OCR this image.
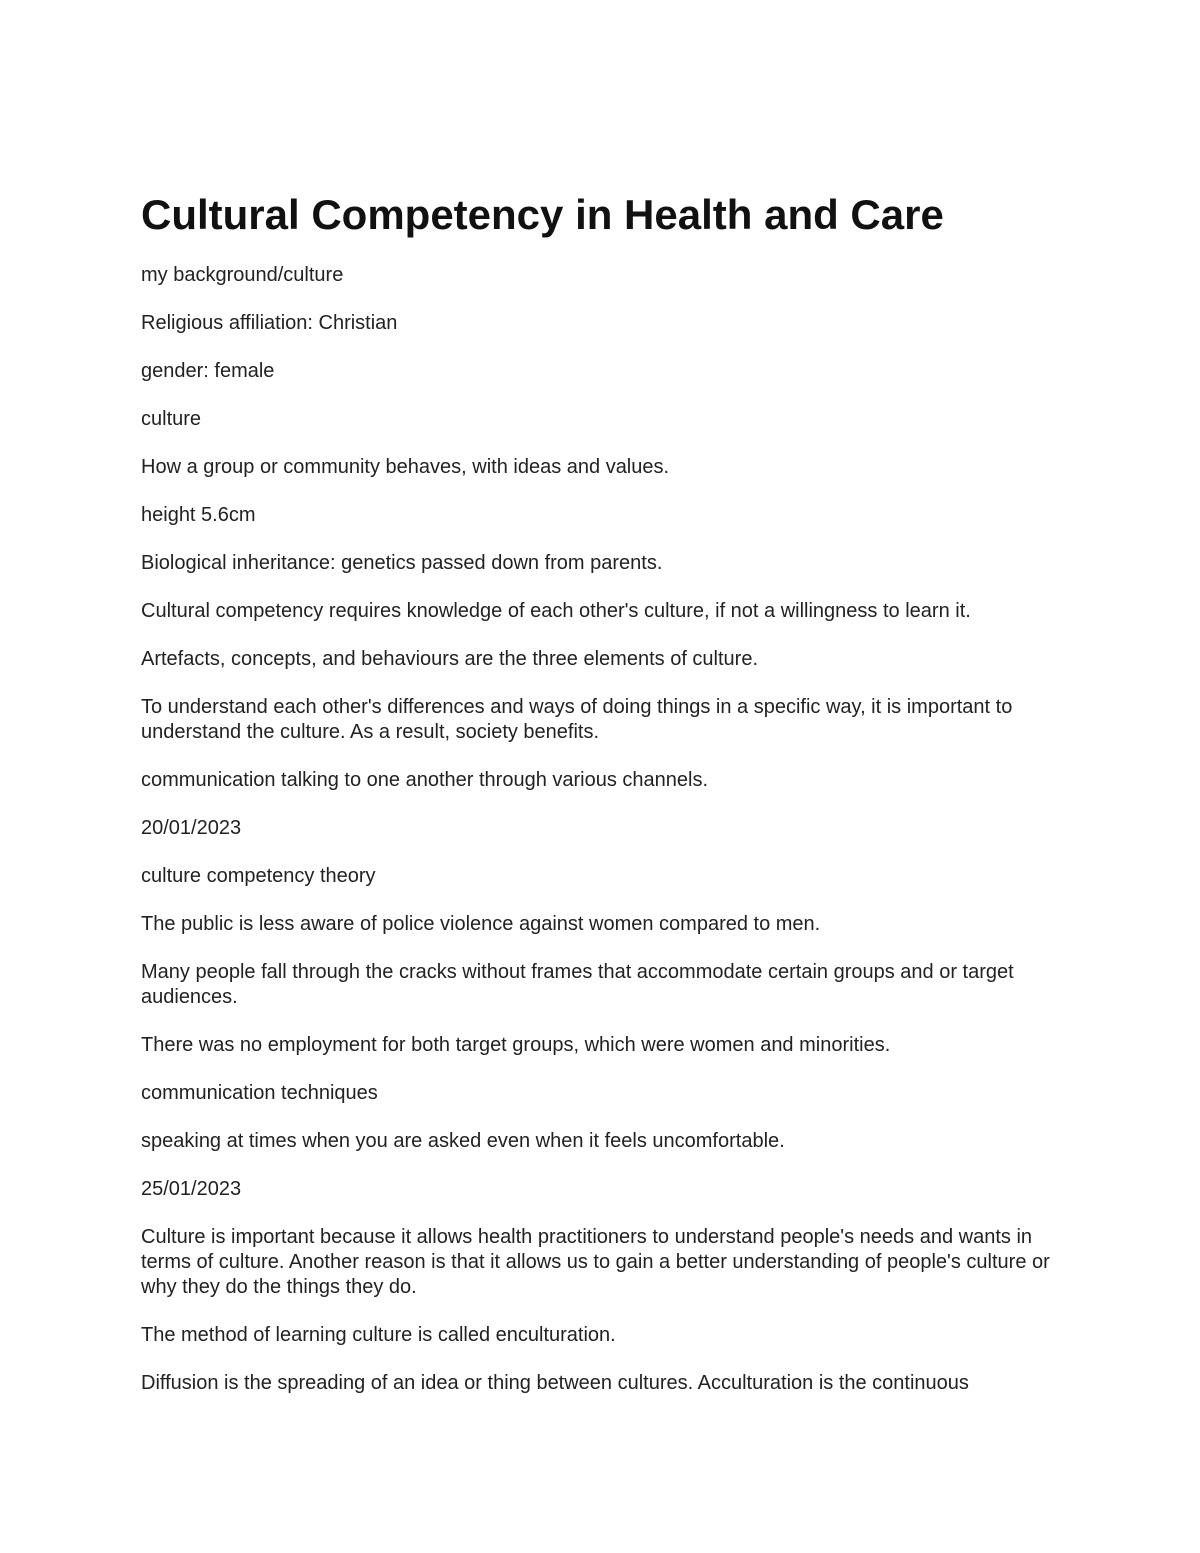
Cultural Competency in Health and Care

my background/culture

Religious affiliation: Christian

gender: female

culture

How a group or community behaves, with ideas and values.

height 5.6cm

Biological inheritance: genetics passed down from parents.

Cultural competency requires knowledge of each other's culture, if not a willingness to learn it.

Artefacts, concepts, and behaviours are the three elements of culture.

To understand each other's differences and ways of doing things in a specific way, it is important to understand the culture. As a result, society benefits.

communication talking to one another through various channels.

20/01/2023

culture competency theory

The public is less aware of police violence against women compared to men.

Many people fall through the cracks without frames that accommodate certain groups and or target audiences.

There was no employment for both target groups, which were women and minorities.

communication techniques

speaking at times when you are asked even when it feels uncomfortable.

25/01/2023

Culture is important because it allows health practitioners to understand people's needs and wants in terms of culture. Another reason is that it allows us to gain a better understanding of people's culture or why they do the things they do.

The method of learning culture is called enculturation.

Diffusion is the spreading of an idea or thing between cultures. Acculturation is the continuous
